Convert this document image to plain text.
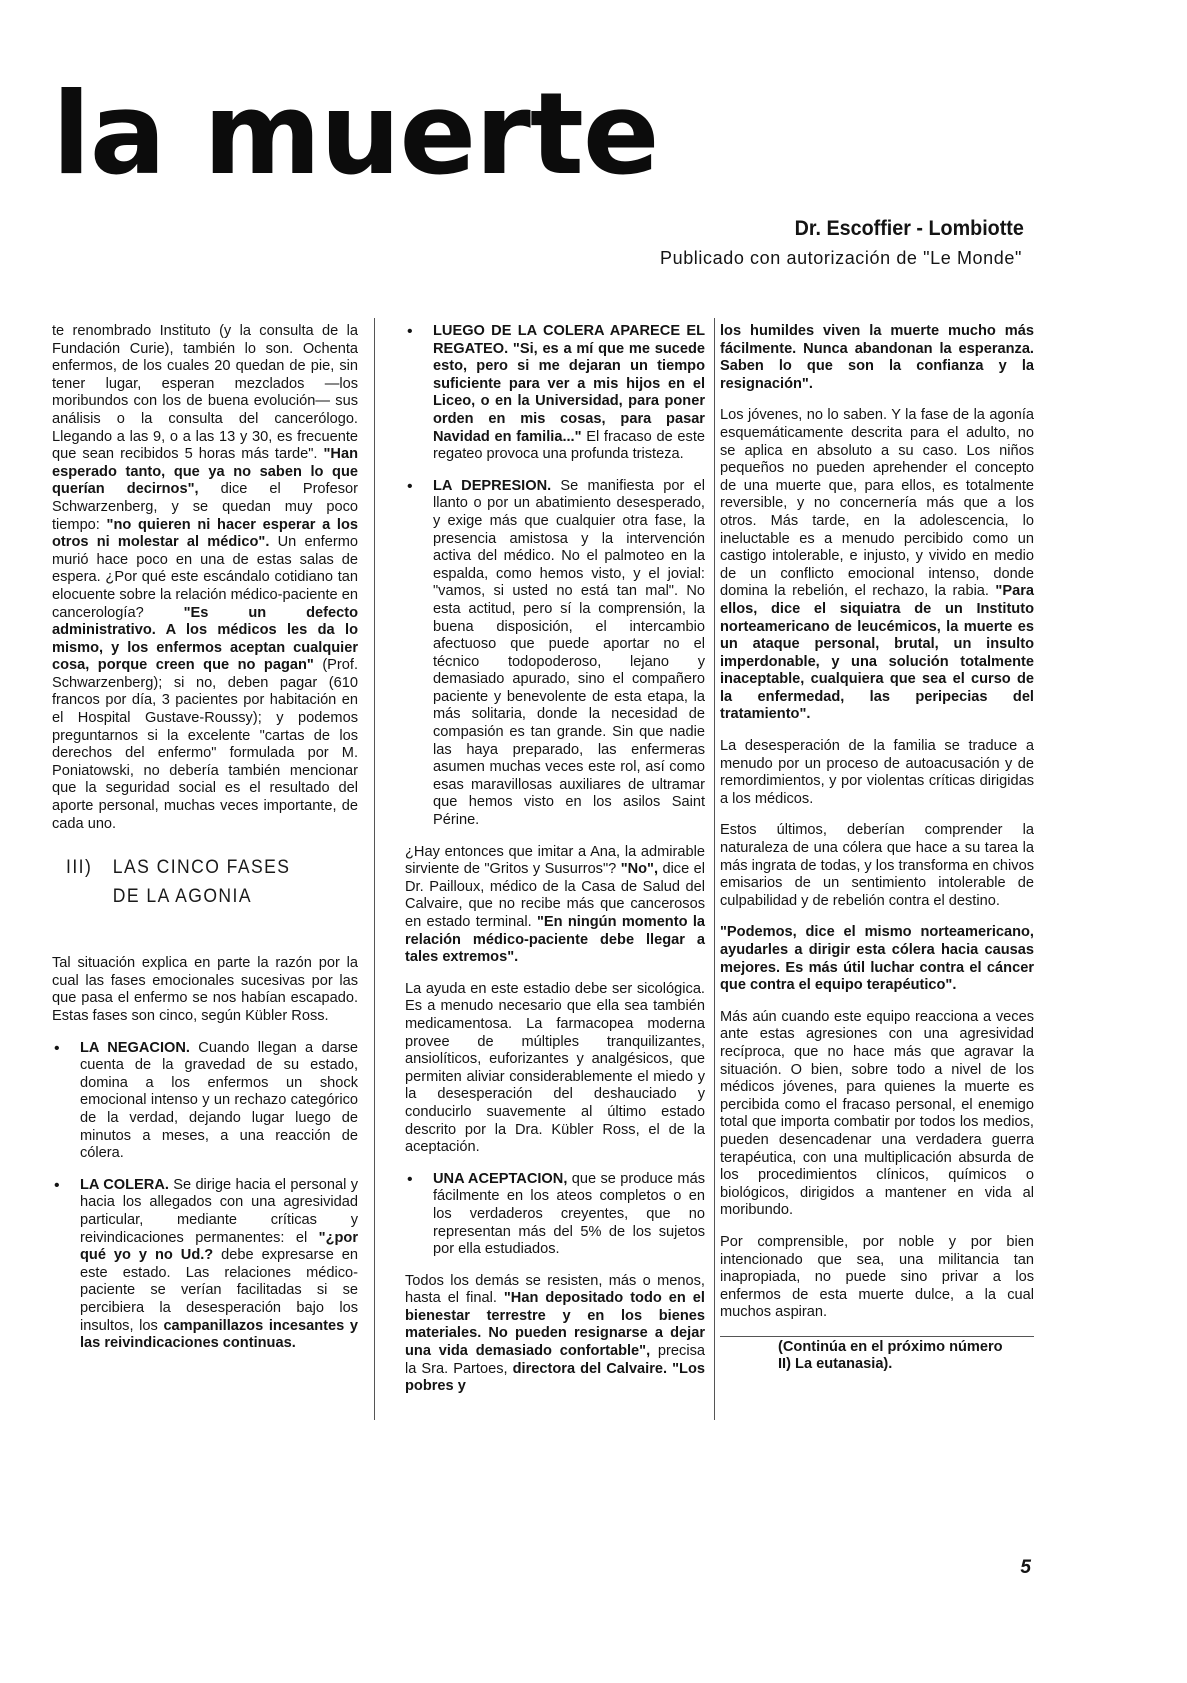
la muerte
Dr. Escoffier - Lombiotte
Publicado con autorización de "Le Monde"

te renombrado Instituto (y la consulta de la Fundación Curie), también lo son. Ochenta enfermos, de los cuales 20 quedan de pie, sin tener lugar, esperan mezclados —los moribundos con los de buena evolución— sus análisis o la consulta del cancerólogo. Llegando a las 9, o a las 13 y 30, es frecuente que sean recibidos 5 horas más tarde". "Han esperado tanto, que ya no saben lo que querían decirnos", dice el Profesor Schwarzenberg, y se quedan muy poco tiempo: "no quieren ni hacer esperar a los otros ni molestar al médico". Un enfermo murió hace poco en una de estas salas de espera. ¿Por qué este escándalo cotidiano tan elocuente sobre la relación médico-paciente en cancerología? "Es un defecto administrativo. A los médicos les da lo mismo, y los enfermos aceptan cualquier cosa, porque creen que no pagan" (Prof. Schwarzenberg); si no, deben pagar (610 francos por día, 3 pacientes por habitación en el Hospital Gustave-Roussy); y podemos preguntarnos si la excelente "cartas de los derechos del enfermo" formulada por M. Poniatowski, no debería también mencionar que la seguridad social es el resultado del aporte personal, muchas veces importante, de cada uno.

III) LAS CINCO FASES
DE LA AGONIA

Tal situación explica en parte la razón por la cual las fases emocionales sucesivas por las que pasa el enfermo se nos habían escapado. Estas fases son cinco, según Kübler Ross.

• LA NEGACION. Cuando llegan a darse cuenta de la gravedad de su estado, domina a los enfermos un shock emocional intenso y un rechazo categórico de la verdad, dejando lugar luego de minutos a meses, a una reacción de cólera.
• LA COLERA. Se dirige hacia el personal y hacia los allegados con una agresividad particular, mediante críticas y reivindicaciones permanentes: el "¿por qué yo y no Ud.? debe expresarse en este estado. Las relaciones médico-paciente se verían facilitadas si se percibiera la desesperación bajo los insultos, los campanillazos incesantes y las reivindicaciones continuas.
• LUEGO DE LA COLERA APARECE EL REGATEO. "Si, es a mí que me sucede esto, pero si me dejaran un tiempo suficiente para ver a mis hijos en el Liceo, o en la Universidad, para poner orden en mis cosas, para pasar Navidad en familia..." El fracaso de este regateo provoca una profunda tristeza.
• LA DEPRESION. Se manifiesta por el llanto o por un abatimiento desesperado, y exige más que cualquier otra fase, la presencia amistosa y la intervención activa del médico. No el palmoteo en la espalda, como hemos visto, y el jovial: "vamos, si usted no está tan mal". No esta actitud, pero sí la comprensión, la buena disposición, el intercambio afectuoso que puede aportar no el técnico todopoderoso, lejano y demasiado apurado, sino el compañero paciente y benevolente de esta etapa, la más solitaria, donde la necesidad de compasión es tan grande. Sin que nadie las haya preparado, las enfermeras asumen muchas veces este rol, así como esas maravillosas auxiliares de ultramar que hemos visto en los asilos Saint Périne.

¿Hay entonces que imitar a Ana, la admirable sirviente de "Gritos y Susurros"? "No", dice el Dr. Pailloux, médico de la Casa de Salud del Calvaire, que no recibe más que cancerosos en estado terminal. "En ningún momento la relación médico-paciente debe llegar a tales extremos".

La ayuda en este estadio debe ser sicológica. Es a menudo necesario que ella sea también medicamentosa. La farmacopea moderna provee de múltiples tranquilizantes, ansiolíticos, euforizantes y analgésicos, que permiten aliviar considerablemente el miedo y la desesperación del deshauciado y conducirlo suavemente al último estado descrito por la Dra. Kübler Ross, el de la aceptación.

• UNA ACEPTACION, que se produce más fácilmente en los ateos completos o en los verdaderos creyentes, que no representan más del 5% de los sujetos por ella estudiados.

Todos los demás se resisten, más o menos, hasta el final. "Han depositado todo en el bienestar terrestre y en los bienes materiales. No pueden resignarse a dejar una vida demasiado confortable", precisa la Sra. Partoes, directora del Calvaire. "Los pobres y

los humildes viven la muerte mucho más fácilmente. Nunca abandonan la esperanza. Saben lo que son la confianza y la resignación".

Los jóvenes, no lo saben. Y la fase de la agonía esquemáticamente descrita para el adulto, no se aplica en absoluto a su caso. Los niños pequeños no pueden aprehender el concepto de una muerte que, para ellos, es totalmente reversible, y no concernería más que a los otros. Más tarde, en la adolescencia, lo ineluctable es a menudo percibido como un castigo intolerable, e injusto, y vivido en medio de un conflicto emocional intenso, donde domina la rebelión, el rechazo, la rabia. "Para ellos, dice el siquiatra de un Instituto norteamericano de leucémicos, la muerte es un ataque personal, brutal, un insulto imperdonable, y una solución totalmente inaceptable, cualquiera que sea el curso de la enfermedad, las peripecias del tratamiento".

La desesperación de la familia se traduce a menudo por un proceso de autoacusación y de remordimientos, y por violentas críticas dirigidas a los médicos.

Estos últimos, deberían comprender la naturaleza de una cólera que hace a su tarea la más ingrata de todas, y los transforma en chivos emisarios de un sentimiento intolerable de culpabilidad y de rebelión contra el destino.

"Podemos, dice el mismo norteamericano, ayudarles a dirigir esta cólera hacia causas mejores. Es más útil luchar contra el cáncer que contra el equipo terapéutico".

Más aún cuando este equipo reacciona a veces ante estas agresiones con una agresividad recíproca, que no hace más que agravar la situación. O bien, sobre todo a nivel de los médicos jóvenes, para quienes la muerte es percibida como el fracaso personal, el enemigo total que importa combatir por todos los medios, pueden desencadenar una verdadera guerra terapéutica, con una multiplicación absurda de los procedimientos clínicos, químicos o biológicos, dirigidos a mantener en vida al moribundo.

Por comprensible, por noble y por bien intencionado que sea, una militancia tan inapropiada, no puede sino privar a los enfermos de esta muerte dulce, a la cual muchos aspiran.

(Continúa en el próximo número
II) La eutanasia).
5
